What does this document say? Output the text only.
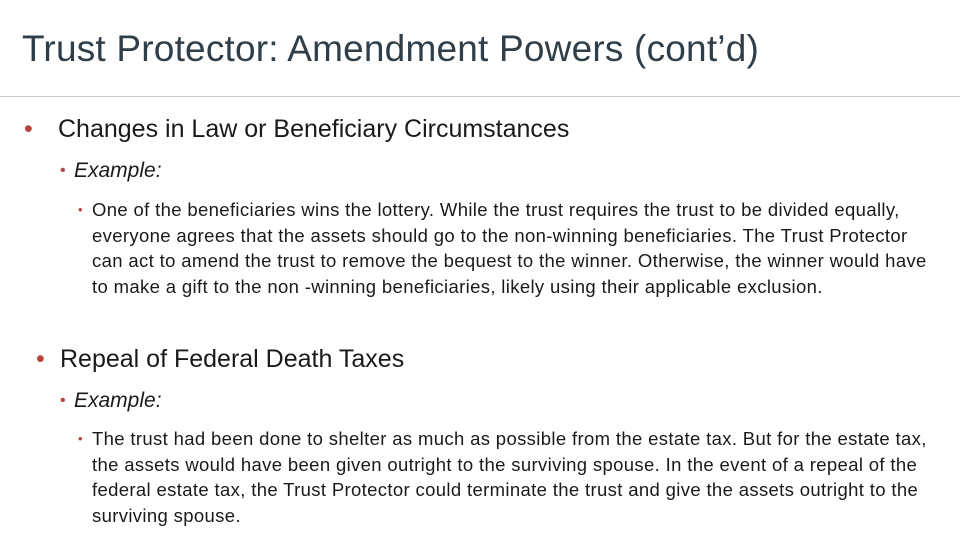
Trust Protector: Amendment Powers (cont’d)
•	Changes in Law or Beneficiary Circumstances
• Example:
• One of the beneficiaries wins the lottery. While the trust requires the trust to be divided equally, everyone agrees that the assets should go to the non-winning beneficiaries. The Trust Protector can act to amend the trust to remove the bequest to the winner. Otherwise, the winner would have to make a gift to the non -winning beneficiaries, likely using their applicable exclusion.
• Repeal of Federal Death Taxes
• Example:
• The trust had been done to shelter as much as possible from the estate tax. But for the estate tax, the assets would have been given outright to the surviving spouse. In the event of a repeal of the federal estate tax, the Trust Protector could terminate the trust and give the assets outright to the surviving spouse.
